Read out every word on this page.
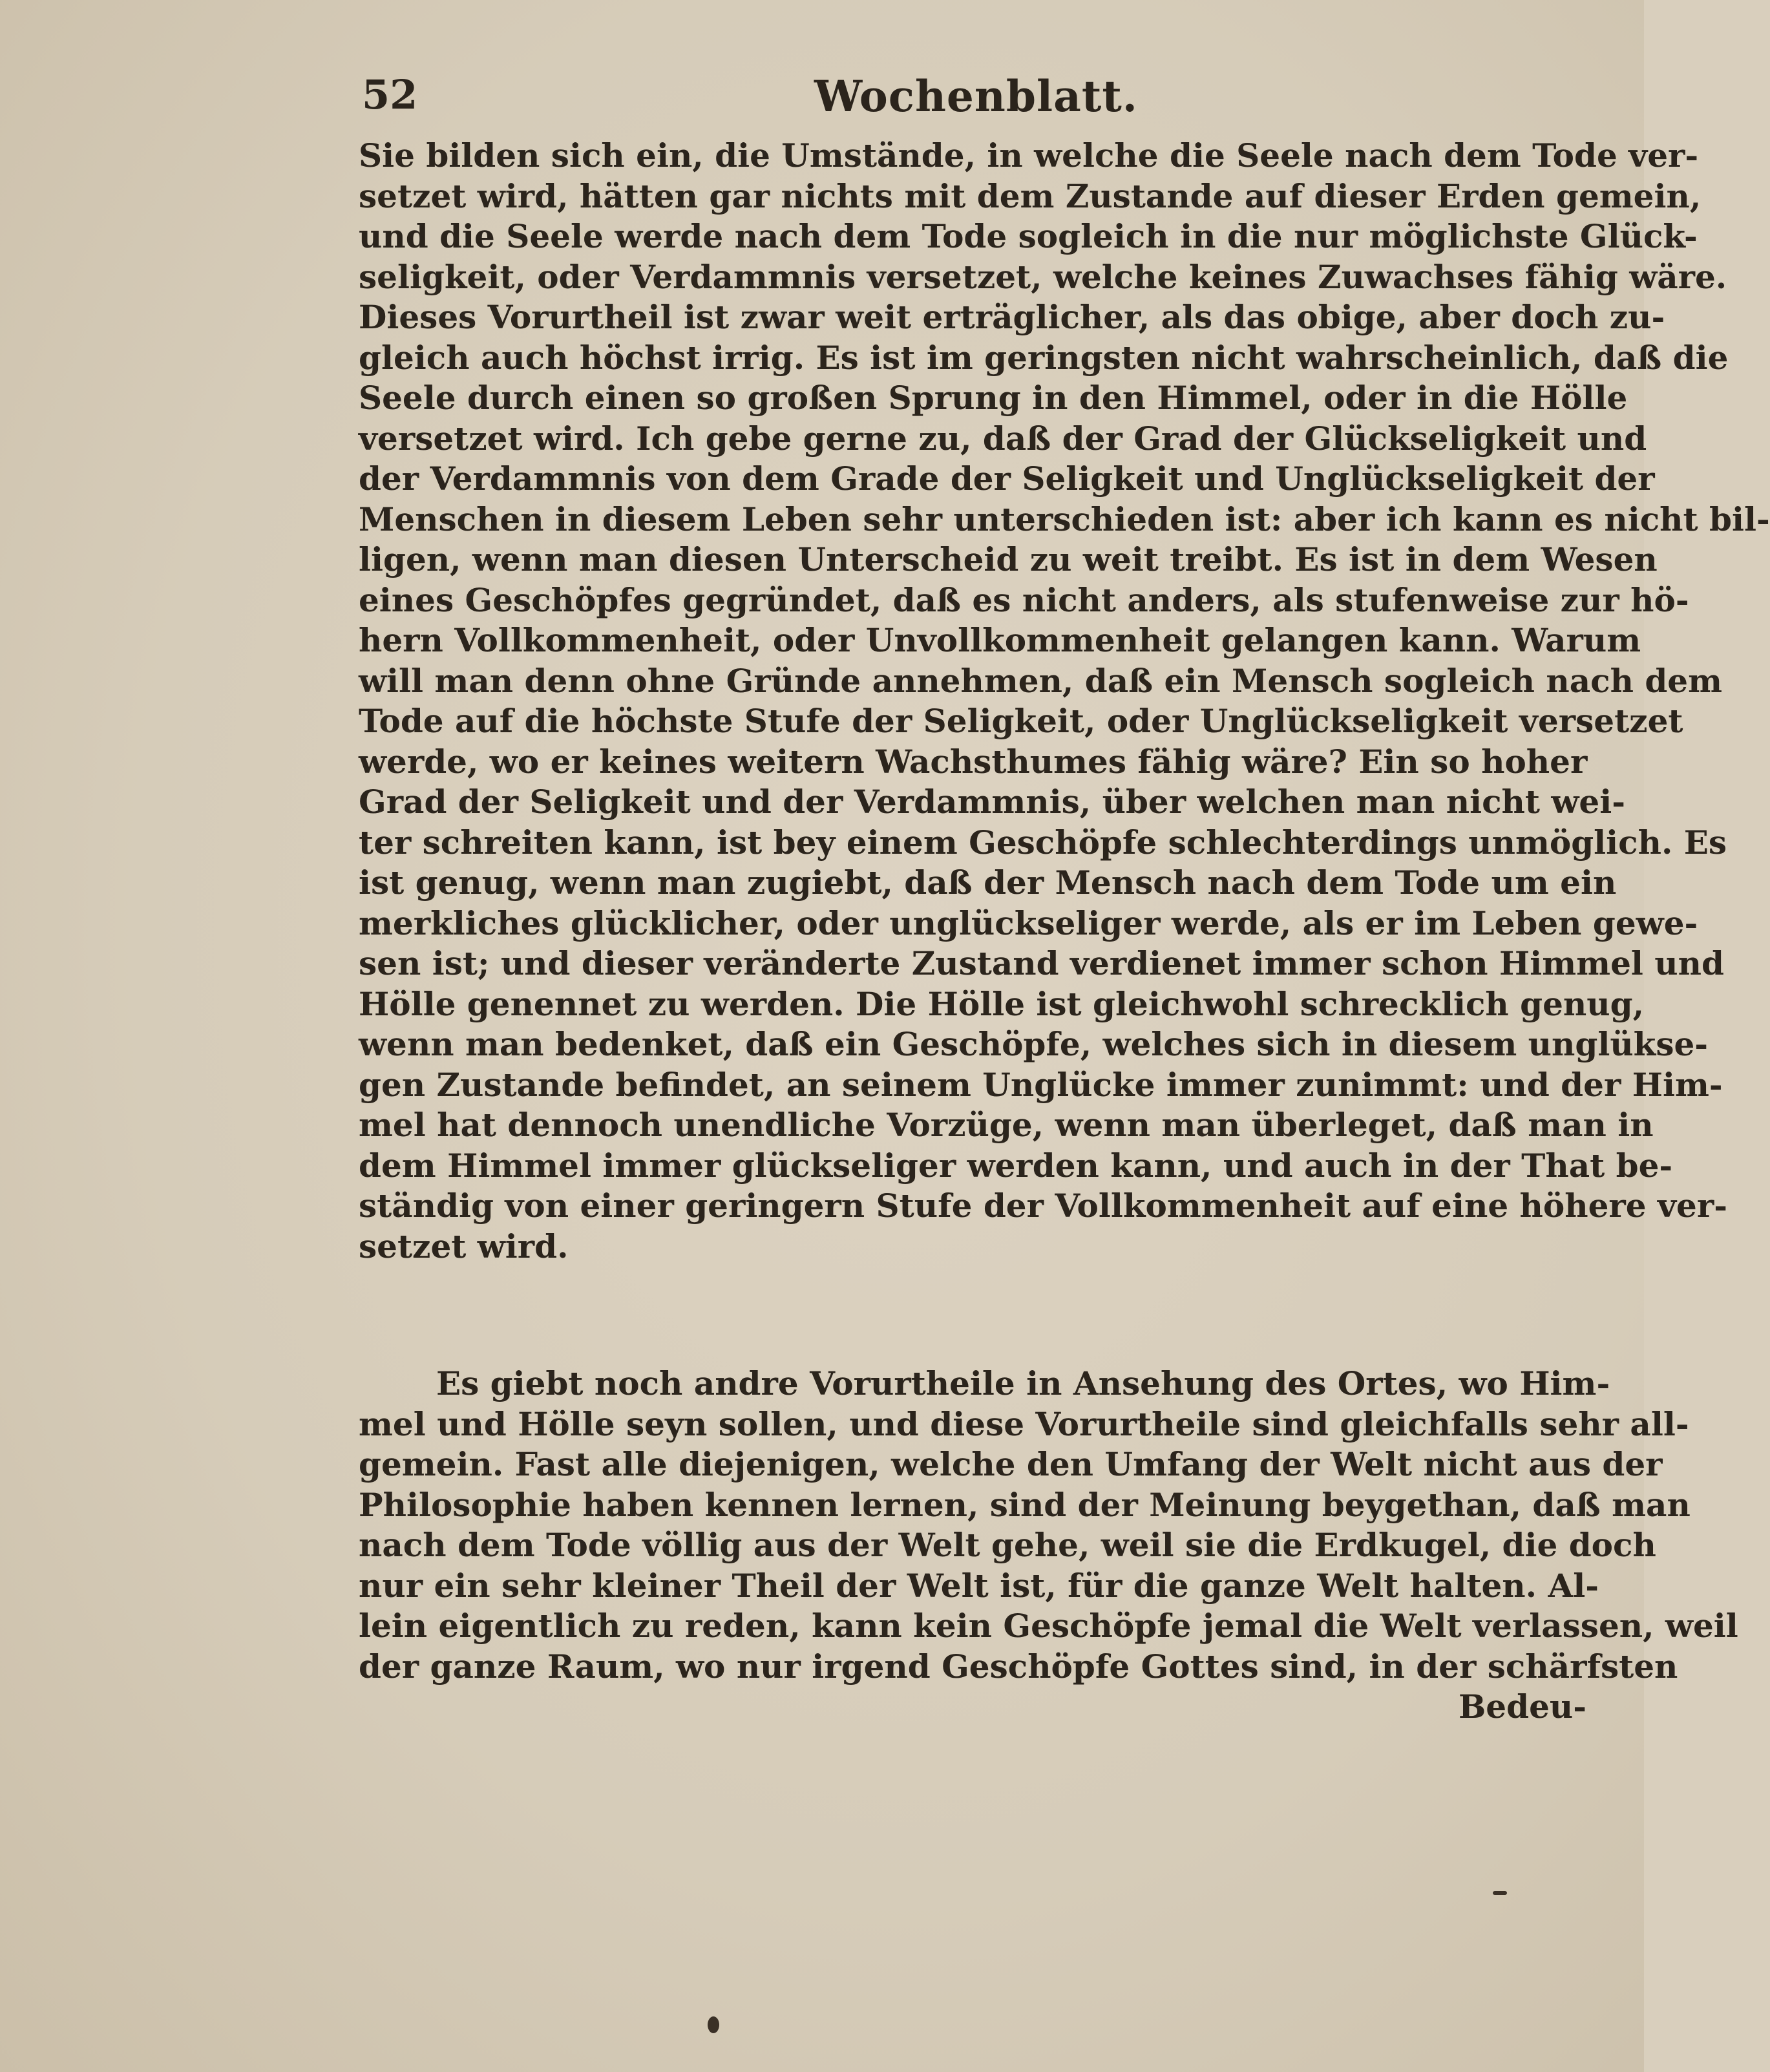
52	Wochenblatt.
Sie bilden sich ein, die Umstände, in welche die Seele nach dem Tode ver-
setzet wird, hätten gar nichts mit dem Zustande auf dieser Erden gemein,
und die Seele werde nach dem Tode sogleich in die nur möglichste Glück-
seligkeit, oder Verdammnis versetzet, welche keines Zuwachses fähig wäre.
Dieses Vorurtheil ist zwar weit erträglicher, als das obige, aber doch zu-
gleich auch höchst irrig. Es ist im geringsten nicht wahrscheinlich, daß die
Seele durch einen so großen Sprung in den Himmel, oder in die Hölle
versetzet wird. Ich gebe gerne zu, daß der Grad der Glückseligkeit und
der Verdammnis von dem Grade der Seligkeit und Unglückseligkeit der
Menschen in diesem Leben sehr unterschieden ist: aber ich kann es nicht bil-
ligen, wenn man diesen Unterscheid zu weit treibt. Es ist in dem Wesen
eines Geschöpfes gegründet, daß es nicht anders, als stufenweise zur hö-
hern Vollkommenheit, oder Unvollkommenheit gelangen kann. Warum
will man denn ohne Gründe annehmen, daß ein Mensch sogleich nach dem
Tode auf die höchste Stufe der Seligkeit, oder Unglückseligkeit versetzet
werde, wo er keines weitern Wachsthumes fähig wäre? Ein so hoher
Grad der Seligkeit und der Verdammnis, über welchen man nicht wei-
ter schreiten kann, ist bey einem Geschöpfe schlechterdings unmöglich. Es
ist genug, wenn man zugiebt, daß der Mensch nach dem Tode um ein
merkliches glücklicher, oder unglückseliger werde, als er im Leben gewe-
sen ist; und dieser veränderte Zustand verdienet immer schon Himmel und
Hölle genennet zu werden. Die Hölle ist gleichwohl schrecklich genug,
wenn man bedenket, daß ein Geschöpfe, welches sich in diesem unglükse-
gen Zustande befindet, an seinem Unglücke immer zunimmt: und der Him-
mel hat dennoch unendliche Vorzüge, wenn man überleget, daß man in
dem Himmel immer glückseliger werden kann, und auch in der That be-
ständig von einer geringern Stufe der Vollkommenheit auf eine höhere ver-
setzet wird.
Es giebt noch andre Vorurtheile in Ansehung des Ortes, wo Him-
mel und Hölle seyn sollen, und diese Vorurtheile sind gleichfalls sehr all-
gemein. Fast alle diejenigen, welche den Umfang der Welt nicht aus der
Philosophie haben kennen lernen, sind der Meinung beygethan, daß man
nach dem Tode völlig aus der Welt gehe, weil sie die Erdkugel, die doch
nur ein sehr kleiner Theil der Welt ist, für die ganze Welt halten. Al-
lein eigentlich zu reden, kann kein Geschöpfe jemal die Welt verlassen, weil
der ganze Raum, wo nur irgend Geschöpfe Gottes sind, in der schärfsten
Bedeu-
